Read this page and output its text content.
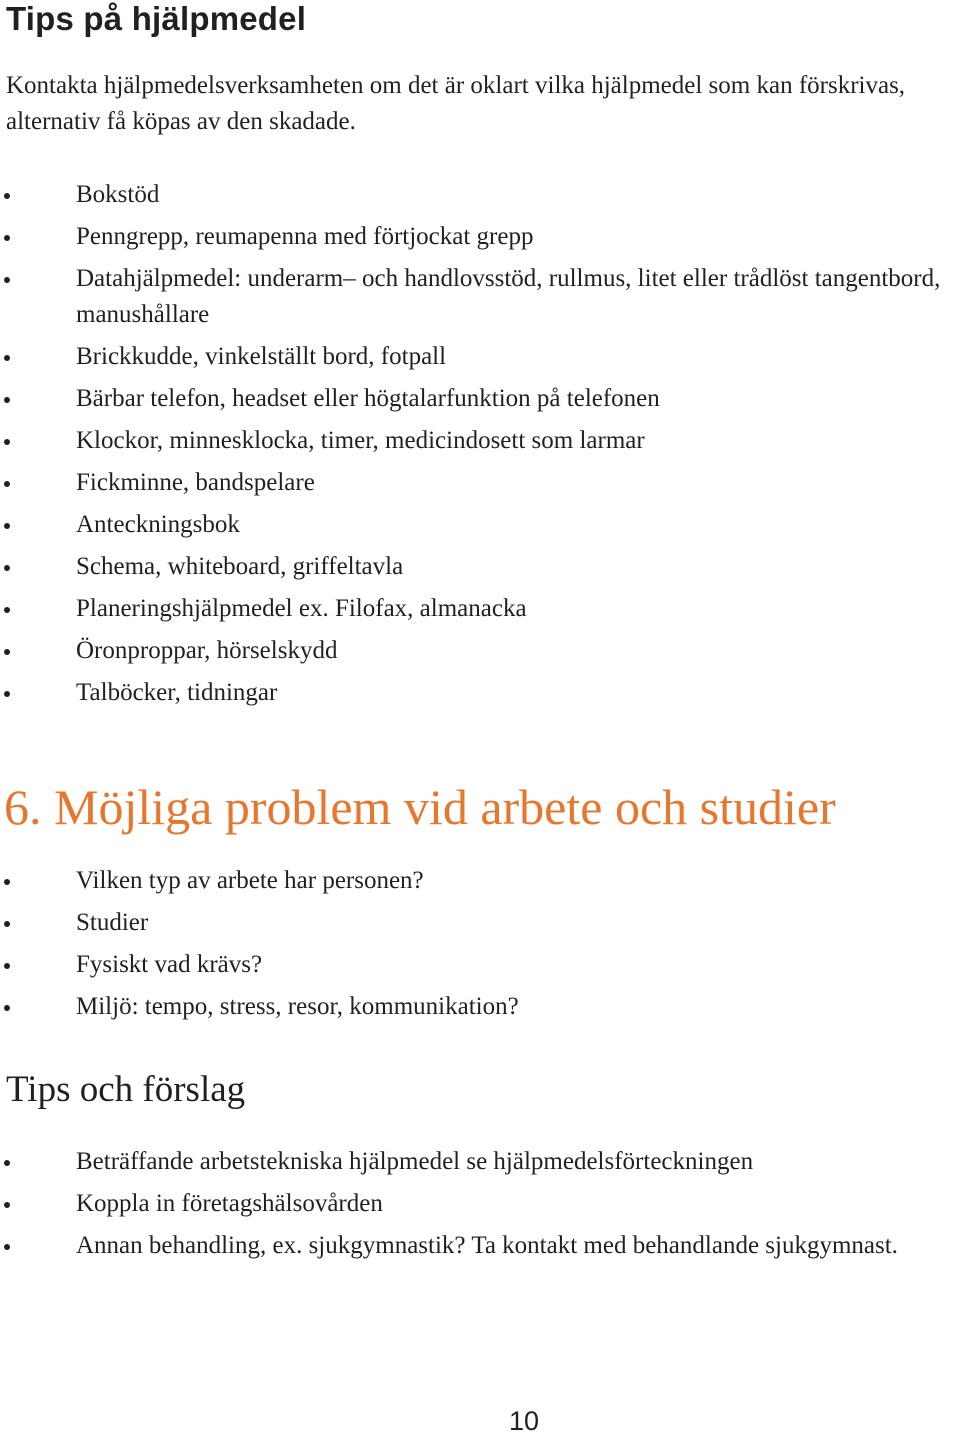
Tips på hjälpmedel

Kontakta hjälpmedelsverksamheten om det är oklart vilka hjälpmedel som kan förskrivas, alternativ få köpas av den skadade.

Bokstöd
Penngrepp, reumapenna med förtjockat grepp
Datahjälpmedel: underarm– och handlovsstöd, rullmus, litet eller trådlöst tangentbord, manushållare
Brickkudde, vinkelställt bord, fotpall
Bärbar telefon, headset eller högtalarfunktion på telefonen
Klockor, minnesklocka, timer, medicindosett som larmar
Fickminne, bandspelare
Anteckningsbok
Schema, whiteboard, griffeltavla
Planeringshjälpmedel ex. Filofax, almanacka
Öronproppar, hörselskydd
Talböcker, tidningar
6. Möjliga problem vid arbete och studier
Vilken typ av arbete har personen?
Studier
Fysiskt vad krävs?
Miljö: tempo, stress, resor, kommunikation?
Tips och förslag
Beträffande arbetstekniska hjälpmedel se hjälpmedelsförteckningen
Koppla in företagshälsovården
Annan behandling, ex. sjukgymnastik? Ta kontakt med behandlande sjukgymnast.
10
